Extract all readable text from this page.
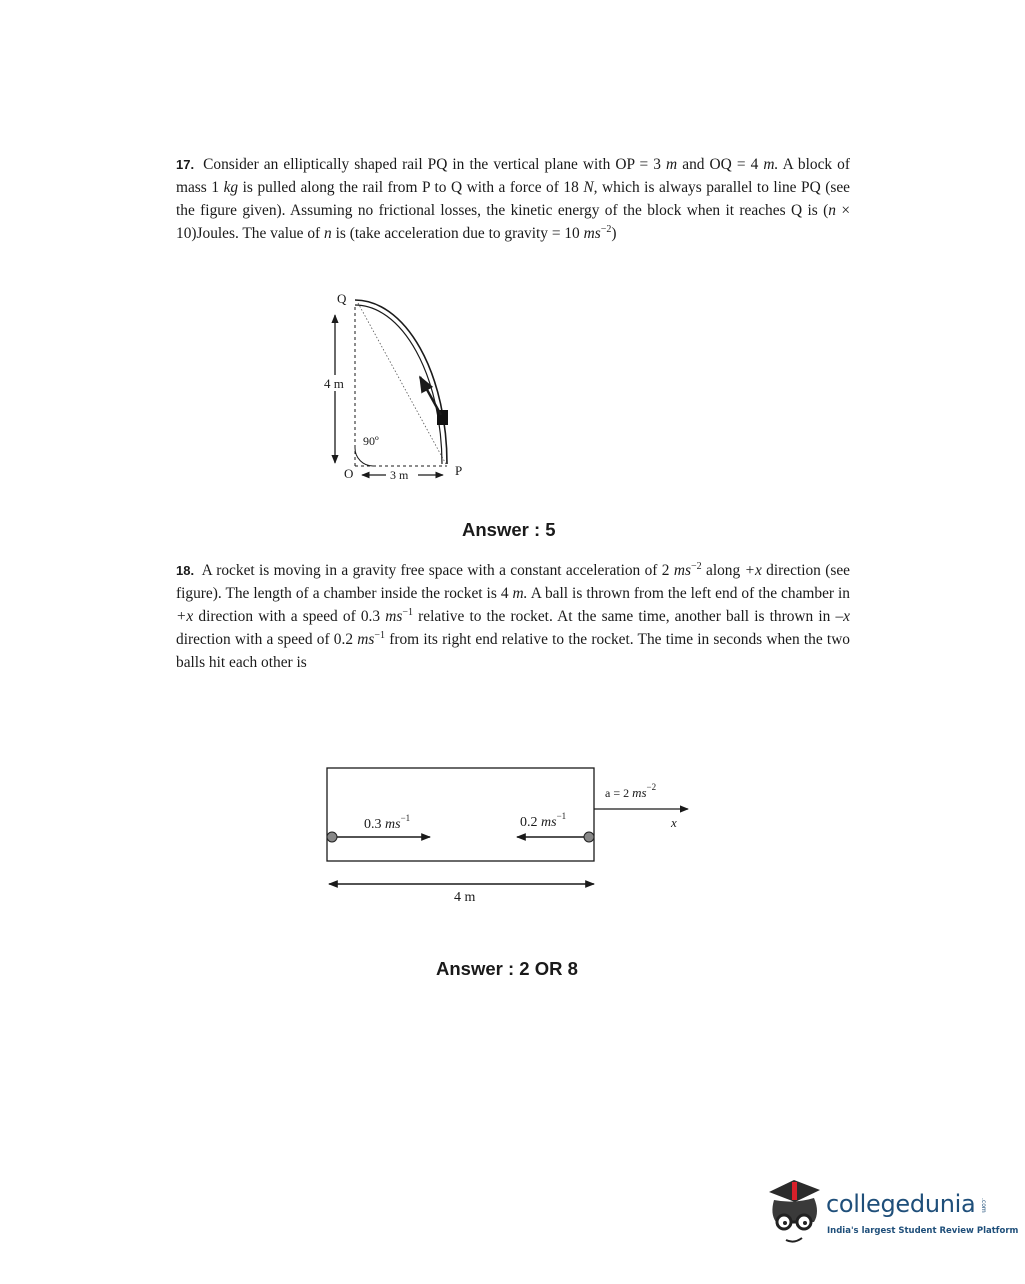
17. Consider an elliptically shaped rail PQ in the vertical plane with OP = 3 m and OQ = 4 m. A block of mass 1 kg is pulled along the rail from P to Q with a force of 18 N, which is always parallel to line PQ (see the figure given). Assuming no frictional losses, the kinetic energy of the block when it reaches Q is (n × 10)Joules. The value of n is (take acceleration due to gravity = 10 $ms^{-2}$)
4 m
Q
O	P
90º
3 m
Answer : 5
18. A rocket is moving in a gravity free space with a constant acceleration of 2 $ms^{-2}$ along +x direction (see figure). The length of a chamber inside the rocket is 4 m. A ball is thrown from the left end of the chamber in +x direction with a speed of 0.3 $ms^{-1}$ relative to the rocket. At the same time, another ball is thrown in –x direction with a speed of 0.2 $ms^{-1}$ from its right end relative to the rocket. The time in seconds when the two balls hit each other is
0.3 $ms^{-1}$	0.2 $ms^{-1}$
a = 2 $ms^{-2}$
x
4 m
Answer : 2 OR 8
collegedunia .com
India's largest Student Review Platform
